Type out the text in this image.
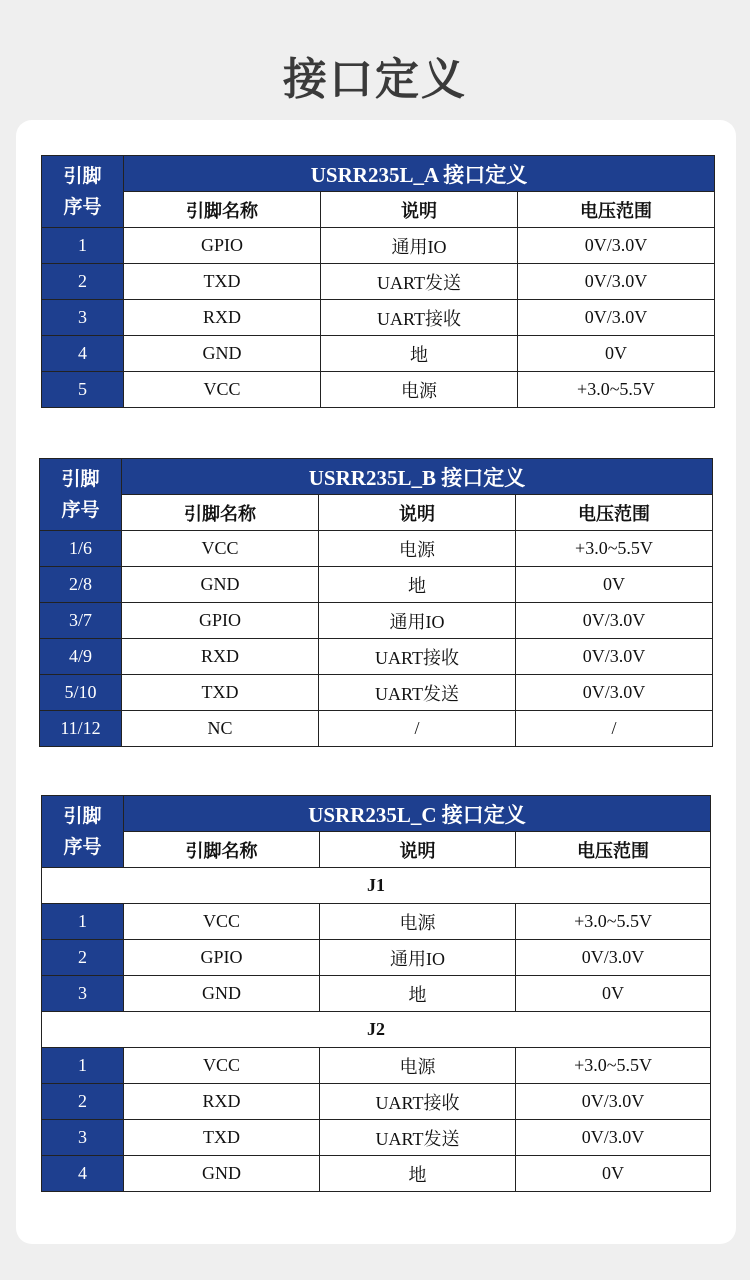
接口定义
引脚
序号	USRR235L_A 接口定义		
	引脚名称	说明	电压范围
1	GPIO	通用IO	0V/3.0V
2	TXD	UART发送	0V/3.0V
3	RXD	UART接收	0V/3.0V
4	GND	地	0V
5	VCC	电源	+3.0~5.5V
引脚
序号	USRR235L_B 接口定义		
	引脚名称	说明	电压范围
1/6	VCC	电源	+3.0~5.5V
2/8	GND	地	0V
3/7	GPIO	通用IO	0V/3.0V
4/9	RXD	UART接收	0V/3.0V
5/10	TXD	UART发送	0V/3.0V
11/12	NC	/	/
引脚
序号	USRR235L_C 接口定义		
	引脚名称	说明	电压范围
J1			
1	VCC	电源	+3.0~5.5V
2	GPIO	通用IO	0V/3.0V
3	GND	地	0V
J2			
1	VCC	电源	+3.0~5.5V
2	RXD	UART接收	0V/3.0V
3	TXD	UART发送	0V/3.0V
4	GND	地	0V
